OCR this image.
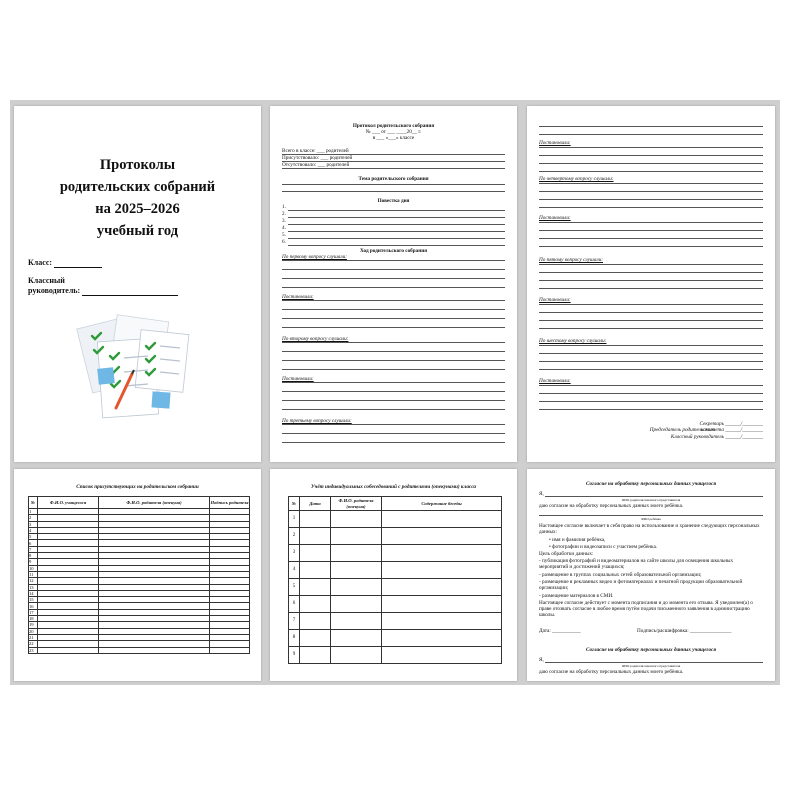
Протоколы
родительских собраний
на 2025–2026
учебный год
Класс:
Классный
руководитель:
Протокол родительского собрания
№ ___ от ___ ____20__ г.
в ___ «___» классе
Всего в классе: ___ родителей
Присутствовало: ___ родителей
Отсутствовало: ___ родителей
Тема родительского собрания
Повестка дня
1.
2.
3.
4.
5.
6.
Ход родительского собрания
По первому вопросу слушали:
Постановили:
По второму вопросу слушали:
Постановили:
По третьему вопросу слушали:
Постановили:
По четвертому вопросу слушали:
Постановили:
По пятому вопросу слушали:
Постановили:
По шестому вопросу слушали:
Постановили:
Секретарь ______/________
Председатель родительского
комитета ______/________
Классный руководитель ______/________
Список присутствующих на родительском собрании
№	Ф.И.О. учащегося	Ф.И.О. родителя (опекуна)	Подпись родителя
1			
2			
3			
4			
5			
6			
7			
8			
9			
10			
11			
12			
13			
14			
15			
16			
17			
18			
19			
20			
21			
22			
23			
Учёт индивидуальных собеседований с родителями (опекунами) класса
№	Дата	Ф.И.О. родителя (опекуна)	Содержание беседы
1			
2			
3			
4			
5			
6			
7			
8			
9			
Согласие на обработку персональных данных учащегося
Я,
ФИО родителя/законного представителя
даю согласие на обработку персональных данных моего ребёнка.
ФИО ребёнка
Настоящее согласие включает в себя право на использование и хранение следующих персональных данных:
• имя и фамилия ребёнка,
• фотографии и видеозаписи с участием ребёнка.
Цель обработки данных:
- публикация фотографий и видеоматериалов на сайте школы для освещения школьных мероприятий и достижений учащихся;
- размещение в группах социальных сетей образовательной организации;
- размещение в рекламных видео и фотоматериалах и печатной продукции образовательной организации;
- размещение материалов в СМИ.
Настоящее согласие действует с момента подписания и до момента его отзыва. Я уведомлен(а) о праве отозвать согласие в любое время путём подачи письменного заявления в администрацию школы.
Дата: ___________	Подпись/расшифровка: ________________
Согласие на обработку персональных данных учащегося
Я,
ФИО родителя/законного представителя
даю согласие на обработку персональных данных моего ребёнка.
